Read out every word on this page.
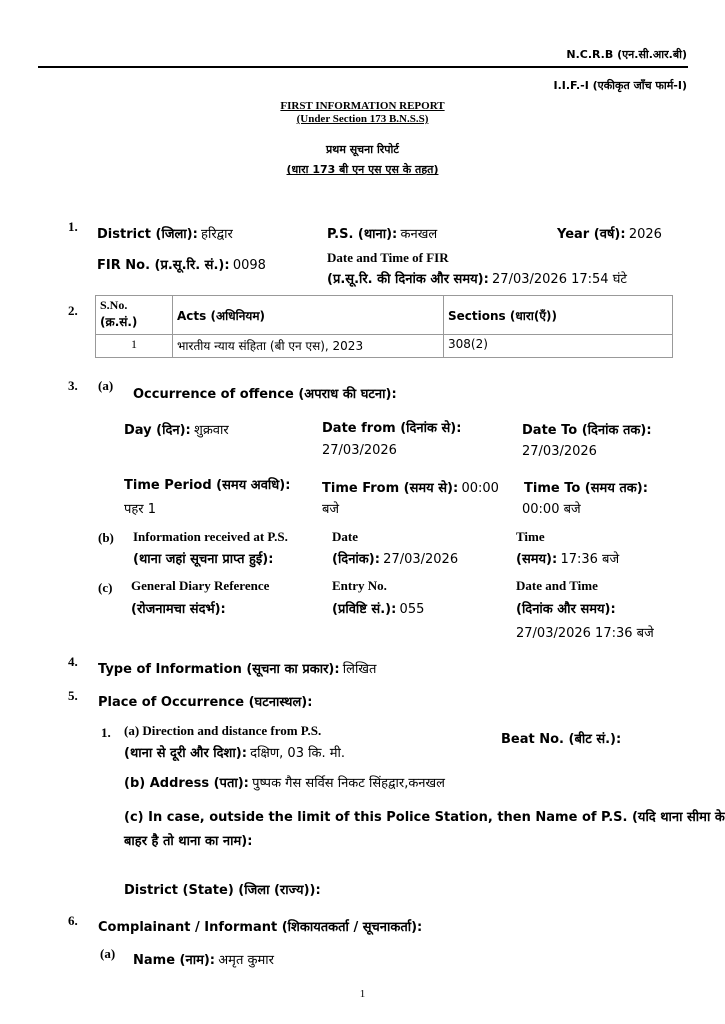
N.C.R.B (एन.सी.आर.बी)
I.I.F.-I (एकीकृत जाँच फार्म-I)
FIRST INFORMATION REPORT
(Under Section 173 B.N.S.S)
प्रथम सूचना रिपोर्ट
(धारा 173 बी एन एस एस के तहत)
1.
District (जिला): हरिद्वार	P.S. (थाना): कनखल	Year (वर्ष): 2026
FIR No. (प्र.सू.रि. सं.): 0098
Date and Time of FIR
(प्र.सू.रि. की दिनांक और समय): 27/03/2026 17:54 घंटे
2. S.No.
(क्र.सं.)	Acts (अधिनियम)	Sections (धारा(एँ))
1	भारतीय न्याय संहिता (बी एन एस), 2023	308(2)
3. (a)
Occurrence of offence (अपराध की घटना):
Day (दिन): शुक्रवार	Date from (दिनांक से):
27/03/2026
Date To (दिनांक तक):
27/03/2026
Time Period (समय अवधि):
पहर 1
Time From (समय से): 00:00
बजे
Time To (समय तक):
00:00 बजे
(b) Information received at P.S.
(थाना जहां सूचना प्राप्त हुई):
Date
(दिनांक): 27/03/2026
Time
(समय): 17:36 बजे
(c) General Diary Reference
(रोजनामचा संदर्भ):
Entry No.
(प्रविष्टि सं.): 055
Date and Time
(दिनांक और समय):
27/03/2026 17:36 बजे
4.
Type of Information (सूचना का प्रकार): लिखित
5. Place of Occurrence (घटनास्थल):
1. (a) Direction and distance from P.S.
(थाना से दूरी और दिशा): दक्षिण, 03 कि. मी.
Beat No. (बीट सं.):
(b) Address (पता): पुष्पक गैस सर्विस निकट सिंहद्वार,कनखल
(c) In case, outside the limit of this Police Station, then Name of P.S. (यदि थाना सीमा के
बाहर है तो थाना का नाम):
District (State) (जिला (राज्य)):
6. Complainant / Informant (शिकायतकर्ता / सूचनाकर्ता):
(a) Name (नाम): अमृत कुमार
1
